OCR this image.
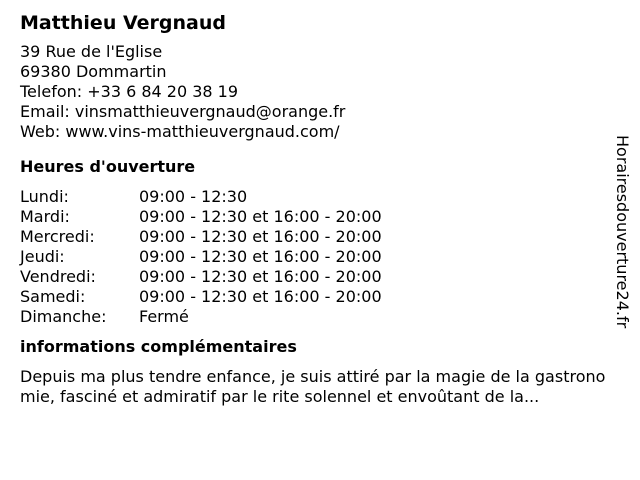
Matthieu Vergnaud
39 Rue de l'Eglise
69380 Dommartin
Telefon: +33 6 84 20 38 19
Email: vinsmatthieuvergnaud@orange.fr
Web: www.vins-matthieuvergnaud.com/
Heures d'ouverture
Lundi:	09:00 - 12:30
Mardi:	09:00 - 12:30 et 16:00 - 20:00
Mercredi:	09:00 - 12:30 et 16:00 - 20:00
Jeudi:	09:00 - 12:30 et 16:00 - 20:00
Vendredi:	09:00 - 12:30 et 16:00 - 20:00
Samedi:	09:00 - 12:30 et 16:00 - 20:00
Dimanche: Fermé
informations complémentaires
Depuis ma plus tendre enfance, je suis attiré par la magie de la gastronomie, fasciné et admiratif par le rite solennel et envoûtant de la...
Horairesdouverture24.fr
